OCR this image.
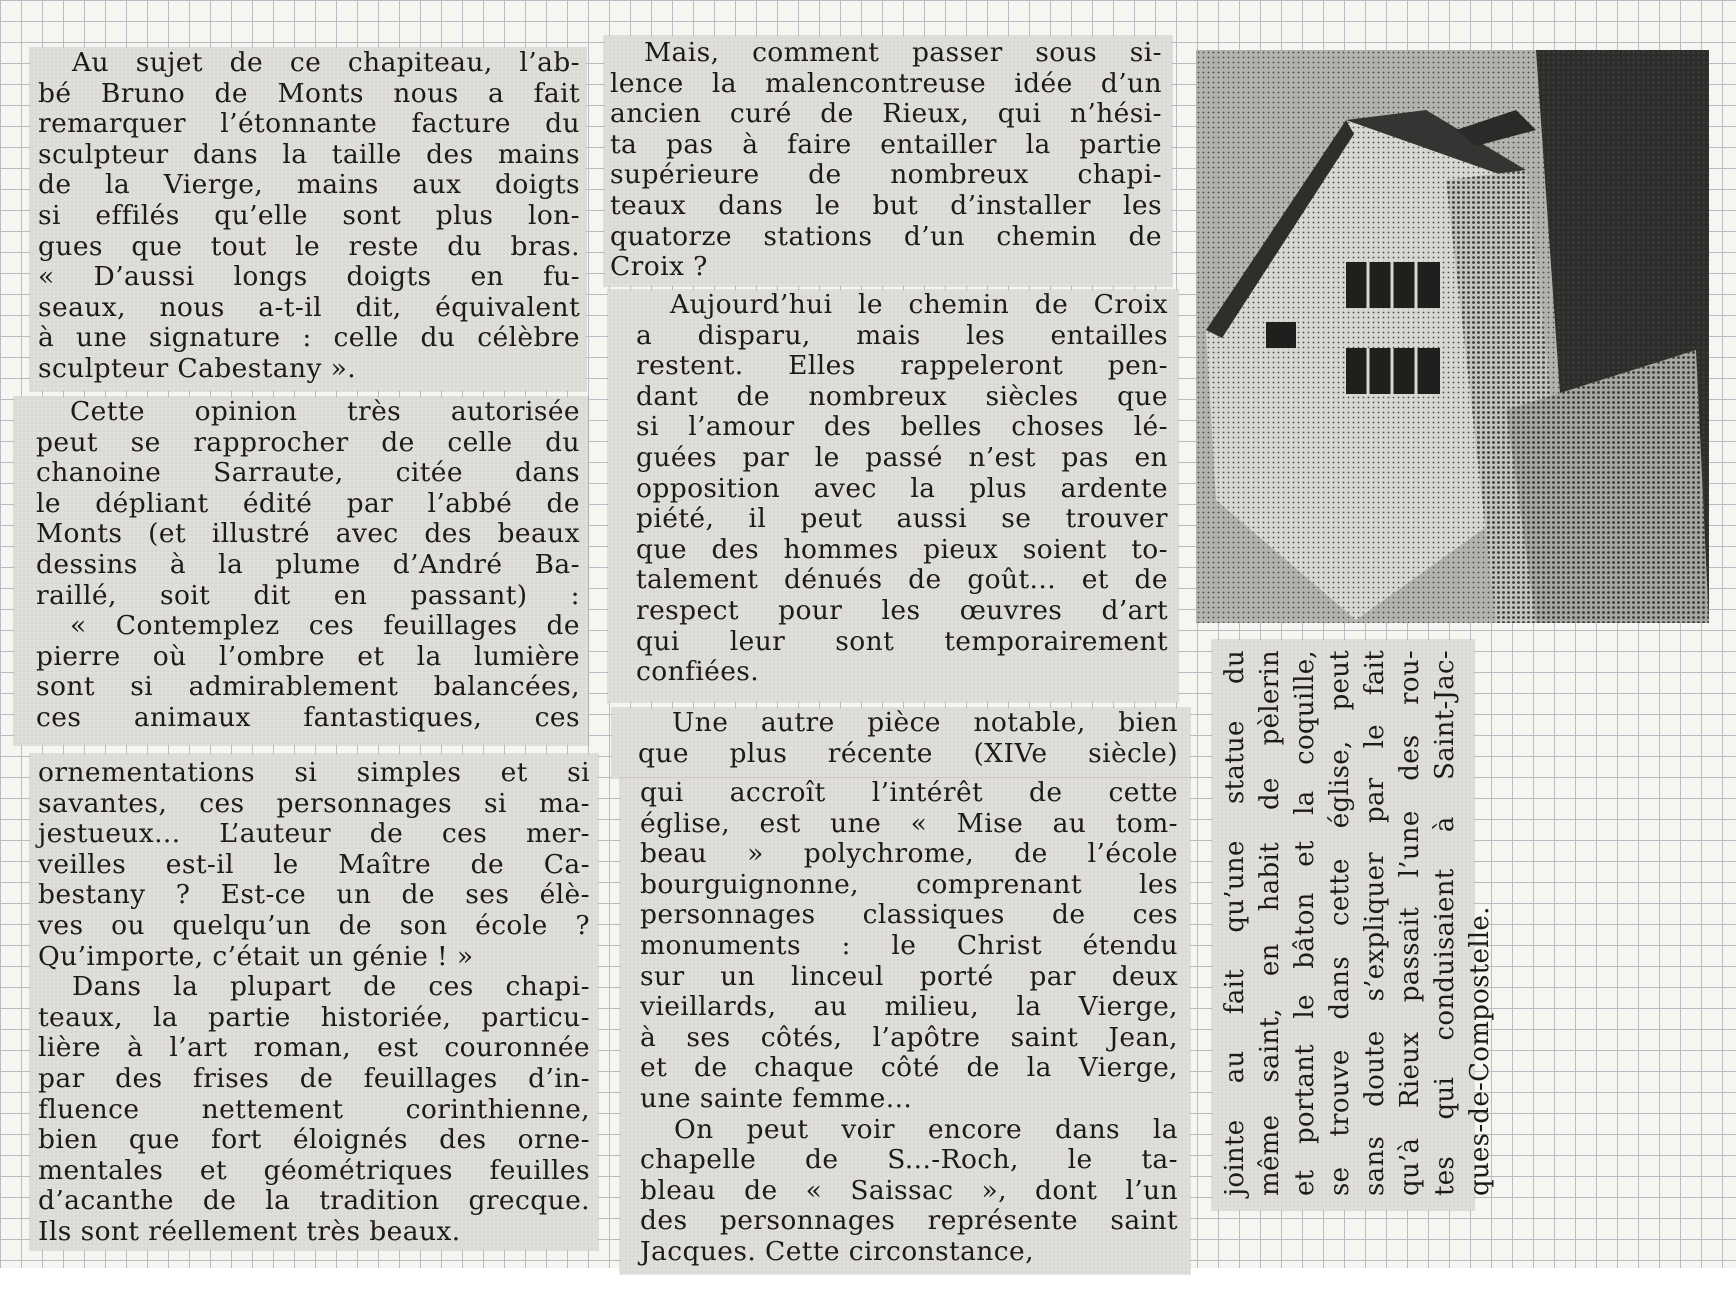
Au sujet de ce chapiteau, l’ab-

bé Bruno de Monts nous a fait

remarquer l’étonnante facture du

sculpteur dans la taille des mains

de la Vierge, mains aux doigts

si effilés qu’elle sont plus lon-

gues que tout le reste du bras.

« D’aussi longs doigts en fu-

seaux, nous a-t-il dit, équivalent

à une signature : celle du célèbre

sculpteur Cabestany ».

Cette opinion très autorisée

peut se rapprocher de celle du

chanoine Sarraute, citée dans

le dépliant édité par l’abbé de

Monts (et illustré avec des beaux

dessins à la plume d’André Ba-

raillé, soit dit en passant) :

« Contemplez ces feuillages de

pierre où l’ombre et la lumière

sont si admirablement balancées,

ces animaux fantastiques, ces

ornementations si simples et si

savantes, ces personnages si ma-

jestueux... L’auteur de ces mer-

veilles est-il le Maître de Ca-

bestany ? Est-ce un de ses élè-

ves ou quelqu’un de son école ?

Qu’importe, c’était un génie ! »

Dans la plupart de ces chapi-

teaux, la partie historiée, particu-

lière à l’art roman, est couronnée

par des frises de feuillages d’in-

fluence nettement corinthienne,

bien que fort éloignés des orne-

mentales et géométriques feuilles

d’acanthe de la tradition grecque.

Ils sont réellement très beaux.

Mais, comment passer sous si-

lence la malencontreuse idée d’un

ancien curé de Rieux, qui n’hési-

ta pas à faire entailler la partie

supérieure de nombreux chapi-

teaux dans le but d’installer les

quatorze stations d’un chemin de

Croix ?

Aujourd’hui le chemin de Croix

a disparu, mais les entailles

restent. Elles rappeleront pen-

dant de nombreux siècles que

si l’amour des belles choses lé-

guées par le passé n’est pas en

opposition avec la plus ardente

piété, il peut aussi se trouver

que des hommes pieux soient to-

talement dénués de goût... et de

respect pour les œuvres d’art

qui leur sont temporairement

confiées.

Une autre pièce notable, bien

que plus récente (XIVe siècle)

qui accroît l’intérêt de cette

église, est une « Mise au tom-

beau » polychrome, de l’école

bourguignonne, comprenant les

personnages classiques de ces

monuments : le Christ étendu

sur un linceul porté par deux

vieillards, au milieu, la Vierge,

à ses côtés, l’apôtre saint Jean,

et de chaque côté de la Vierge,

une sainte femme...

On peut voir encore dans la

chapelle de S...-Roch, le ta-

bleau de « Saissac », dont l’un

des personnages représente saint

Jacques. Cette circonstance,

jointe au fait qu’une statue du même saint, en habit de pèlerin et portant le bâton et la coquille, se trouve dans cette église, peut sans doute s’expliquer par le fait qu’à Rieux passait l’une des rou- tes qui conduisaient à Saint-Jac- ques-de-Compostelle.
